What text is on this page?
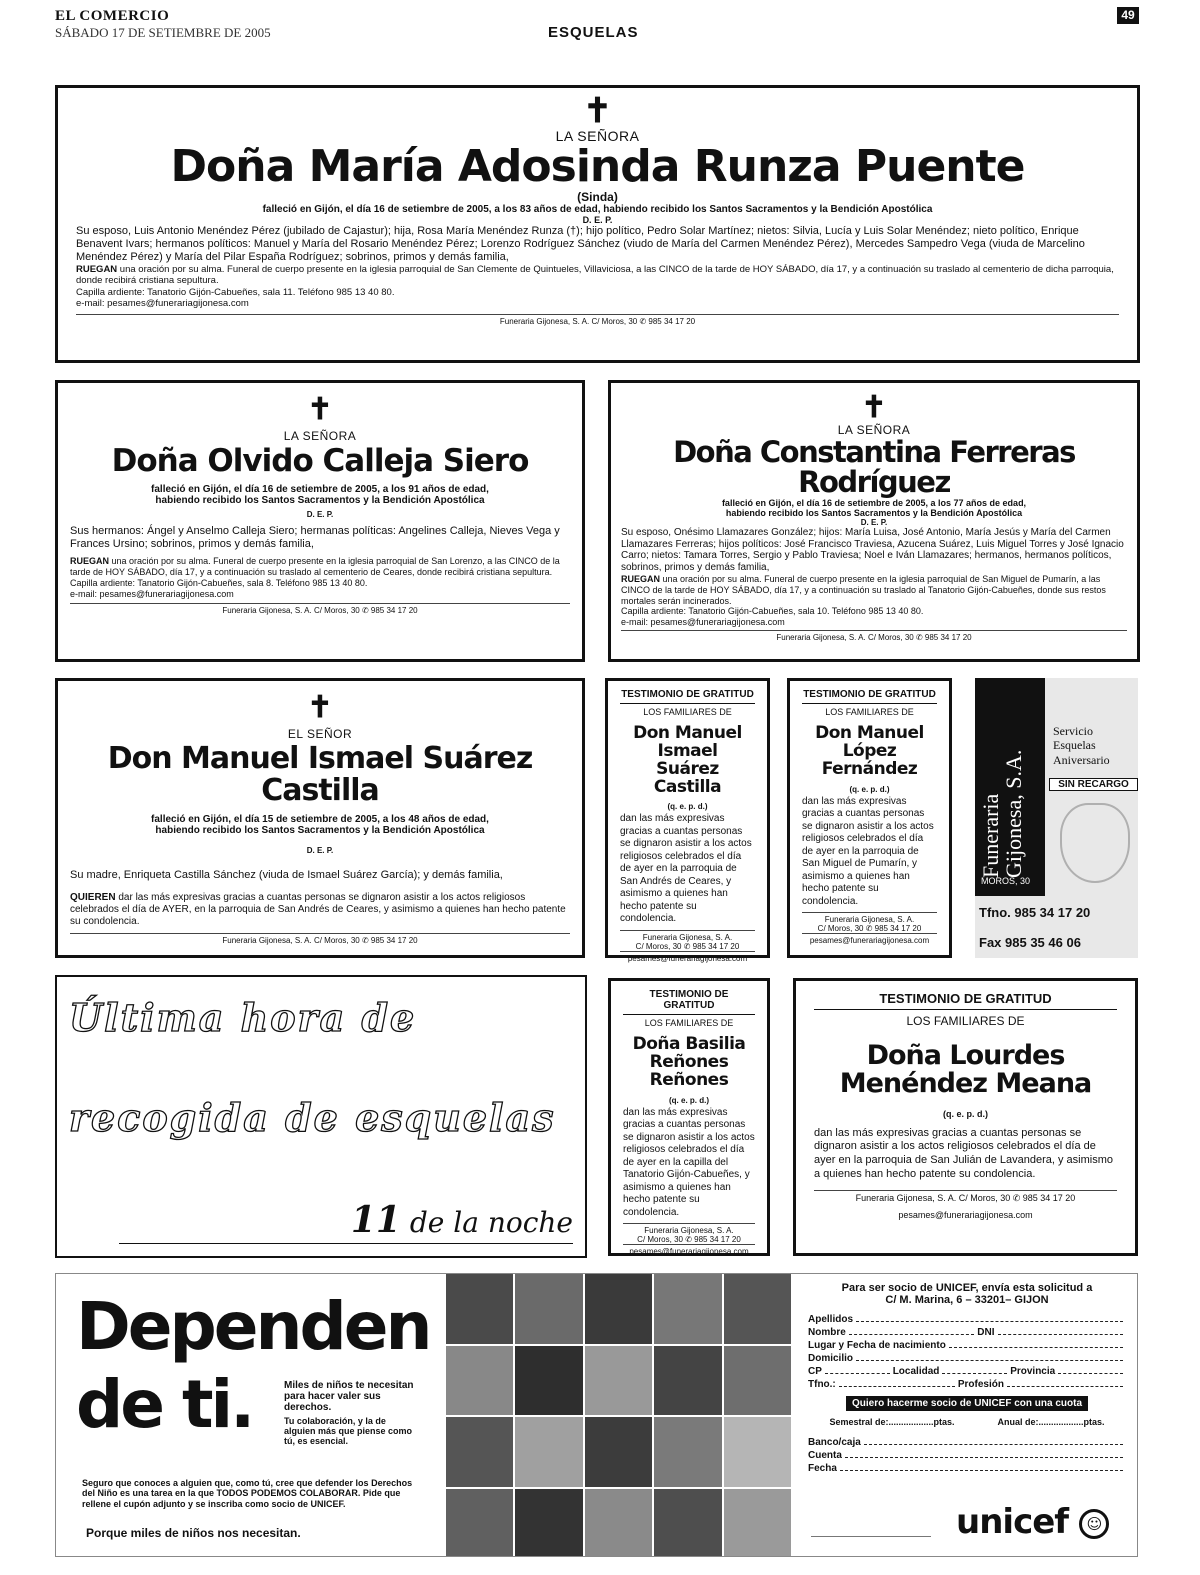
EL COMERCIO
SÁBADO 17 DE SETIEMBRE DE 2005	ESQUELAS
49
✝
LA SEÑORA
Doña María Adosinda Runza Puente
(Sinda)
falleció en Gijón, el día 16 de setiembre de 2005, a los 83 años de edad, habiendo recibido los Santos Sacramentos y la Bendición Apostólica
D. E. P.
Su esposo, Luis Antonio Menéndez Pérez (jubilado de Cajastur); hija, Rosa María Menéndez Runza (†); hijo político, Pedro Solar Martínez; nietos: Silvia, Lucía y Luis Solar Menéndez; nieto político, Enrique Benavent Ivars; hermanos políticos: Manuel y María del Rosario Menéndez Pérez; Lorenzo Rodríguez Sánchez (viudo de María del Carmen Menéndez Pérez), Mercedes Sampedro Vega (viuda de Marcelino Menéndez Pérez) y María del Pilar España Rodríguez; sobrinos, primos y demás familia,
RUEGAN una oración por su alma. Funeral de cuerpo presente en la iglesia parroquial de San Clemente de Quintueles, Villaviciosa, a las CINCO de la tarde de HOY SÁBADO, día 17, y a continuación su traslado al cementerio de dicha parroquia, donde recibirá cristiana sepultura.
Capilla ardiente: Tanatorio Gijón-Cabueñes, sala 11. Teléfono 985 13 40 80.
e-mail: pesames@funerariagijonesa.com
Funeraria Gijonesa, S. A. C/ Moros, 30 ✆ 985 34 17 20
✝
LA SEÑORA
Doña Olvido Calleja Siero
falleció en Gijón, el día 16 de setiembre de 2005, a los 91 años de edad,
habiendo recibido los Santos Sacramentos y la Bendición Apostólica
D. E. P.
Sus hermanos: Ángel y Anselmo Calleja Siero; hermanas políticas: Angelines Calleja, Nieves Vega y Frances Ursino; sobrinos, primos y demás familia,
RUEGAN una oración por su alma. Funeral de cuerpo presente en la iglesia parroquial de San Lorenzo, a las CINCO de la tarde de HOY SÁBADO, día 17, y a continuación su traslado al cementerio de Ceares, donde recibirá cristiana sepultura.
Capilla ardiente: Tanatorio Gijón-Cabueñes, sala 8. Teléfono 985 13 40 80.
e-mail: pesames@funerariagijonesa.com
Funeraria Gijonesa, S. A. C/ Moros, 30 ✆ 985 34 17 20
✝
LA SEÑORA
Doña Constantina Ferreras Rodríguez
falleció en Gijón, el día 16 de setiembre de 2005, a los 77 años de edad,
habiendo recibido los Santos Sacramentos y la Bendición Apostólica
D. E. P.
Su esposo, Onésimo Llamazares González; hijos: María Luisa, José Antonio, María Jesús y María del Carmen Llamazares Ferreras; hijos políticos: José Francisco Traviesa, Azucena Suárez, Luis Miguel Torres y José Ignacio Carro; nietos: Tamara Torres, Sergio y Pablo Traviesa; Noel e Iván Llamazares; hermanos, hermanos políticos, sobrinos, primos y demás familia,
RUEGAN una oración por su alma. Funeral de cuerpo presente en la iglesia parroquial de San Miguel de Pumarín, a las CINCO de la tarde de HOY SÁBADO, día 17, y a continuación su traslado al Tanatorio Gijón-Cabueñes, donde sus restos mortales serán incinerados.
Capilla ardiente: Tanatorio Gijón-Cabueñes, sala 10. Teléfono 985 13 40 80.
e-mail: pesames@funerariagijonesa.com
Funeraria Gijonesa, S. A. C/ Moros, 30 ✆ 985 34 17 20
✝
EL SEÑOR
Don Manuel Ismael Suárez Castilla
falleció en Gijón, el día 15 de setiembre de 2005, a los 48 años de edad,
habiendo recibido los Santos Sacramentos y la Bendición Apostólica
D. E. P.
Su madre, Enriqueta Castilla Sánchez (viuda de Ismael Suárez García); y demás familia,
QUIEREN dar las más expresivas gracias a cuantas personas se dignaron asistir a los actos religiosos celebrados el día de AYER, en la parroquia de San Andrés de Ceares, y asimismo a quienes han hecho patente su condolencia.
Funeraria Gijonesa, S. A. C/ Moros, 30 ✆ 985 34 17 20
TESTIMONIO DE GRATITUD
LOS FAMILIARES DE
Don Manuel Ismael
Suárez Castilla
(q. e. p. d.)
dan las más expresivas gracias a cuantas personas se dignaron asistir a los actos religiosos celebrados el día de ayer en la parroquia de San Andrés de Ceares, y asimismo a quienes han hecho patente su condolencia.
Funeraria Gijonesa, S. A.
C/ Moros, 30 ✆ 985 34 17 20
pesames@funerariagijonesa.com
TESTIMONIO DE GRATITUD
LOS FAMILIARES DE
Don Manuel
López Fernández
(q. e. p. d.)
dan las más expresivas gracias a cuantas personas se dignaron asistir a los actos religiosos celebrados el día de ayer en la parroquia de San Miguel de Pumarín, y asimismo a quienes han hecho patente su condolencia.
Funeraria Gijonesa, S. A.
C/ Moros, 30 ✆ 985 34 17 20
pesames@funerariagijonesa.com
Funeraria
Gijonesa, S.A.
MOROS, 30
Servicio
Esquelas
Aniversario
SIN RECARGO
Tfno. 985 34 17 20
Fax 985 35 46 06
Última hora de
recogida de esquelas
11 de la noche
TESTIMONIO DE GRATITUD
LOS FAMILIARES DE
Doña Basilia
Reñones Reñones
(q. e. p. d.)
dan las más expresivas gracias a cuantas personas se dignaron asistir a los actos religiosos celebrados el día de ayer en la capilla del Tanatorio Gijón-Cabueñes, y asimismo a quienes han hecho patente su condolencia.
Funeraria Gijonesa, S. A.
C/ Moros, 30 ✆ 985 34 17 20
pesames@funerariagijonesa.com
TESTIMONIO DE GRATITUD
LOS FAMILIARES DE
Doña Lourdes
Menéndez Meana
(q. e. p. d.)
dan las más expresivas gracias a cuantas personas se dignaron asistir a los actos religiosos celebrados el día de ayer en la parroquia de San Julián de Lavandera, y asimismo a quienes han hecho patente su condolencia.
Funeraria Gijonesa, S. A. C/ Moros, 30 ✆ 985 34 17 20
pesames@funerariagijonesa.com
Dependen
de ti.	Miles de niños te necesitan para hacer valer sus derechos.
Tu colaboración, y la de alguien más que piense como tú, es esencial.
Seguro que conoces a alguien que, como tú, cree que defender los Derechos del Niño es una tarea en la que TODOS PODEMOS COLABORAR. Pide que rellene el cupón adjunto y se inscriba como socio de UNICEF.
Porque miles de niños nos necesitan.
Para ser socio de UNICEF, envía esta solicitud a
C/ M. Marina, 6 – 33201– GIJON
Apellidos
Nombre	DNI
Lugar y Fecha de nacimiento
Domicilio
CP	Localidad	Provincia
Tfno.:	Profesión
Quiero hacerme socio de UNICEF con una cuota
Semestral de:..................ptas.	Anual de:..................ptas.
Banco/caja
Cuenta
Fecha
unicef ☺
